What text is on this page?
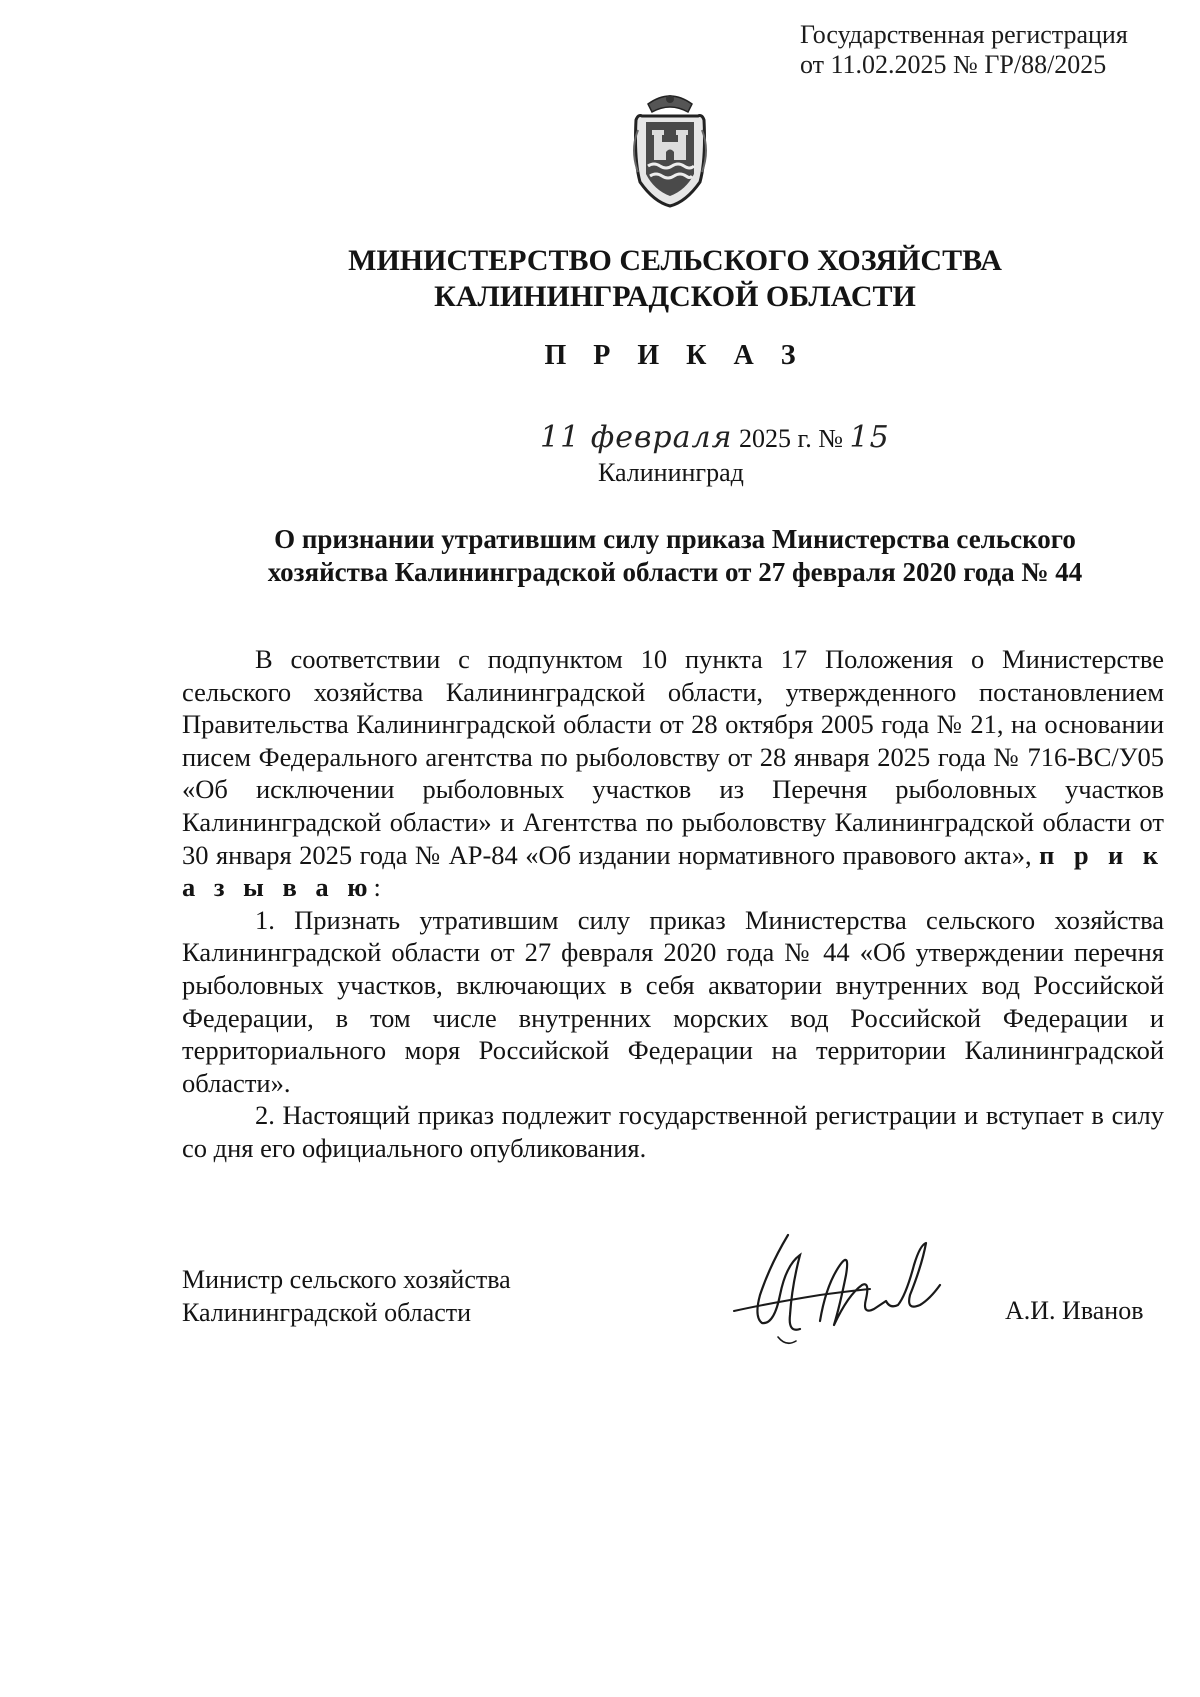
Государственная регистрация
от 11.02.2025 № ГР/88/2025
МИНИСТЕРСТВО СЕЛЬСКОГО ХОЗЯЙСТВА
КАЛИНИНГРАДСКОЙ ОБЛАСТИ
П Р И К А З
11 февраля 2025 г. № 15
Калининград
О признании утратившим силу приказа Министерства сельского
хозяйства Калининградской области от 27 февраля 2020 года № 44

В соответствии с подпунктом 10 пункта 17 Положения о Министерстве сельского хозяйства Калининградской области, утвержденного постановлением Правительства Калининградской области от 28 октября 2005 года № 21, на основании писем Федерального агентства по рыболовству от 28 января 2025 года № 716-ВС/У05 «Об исключении рыболовных участков из Перечня рыболовных участков Калининградской области» и Агентства по рыболовству Калининградской области от 30 января 2025 года № АР-84 «Об издании нормативного правового акта», п р и к а з ы в а ю:

1. Признать утратившим силу приказ Министерства сельского хозяйства Калининградской области от 27 февраля 2020 года № 44 «Об утверждении перечня рыболовных участков, включающих в себя акватории внутренних вод Российской Федерации, в том числе внутренних морских вод Российской Федерации и территориального моря Российской Федерации на территории Калининградской области».

2. Настоящий приказ подлежит государственной регистрации и вступает в силу со дня его официального опубликования.

Министр сельского хозяйства
Калининградской области	А.И. Иванов
